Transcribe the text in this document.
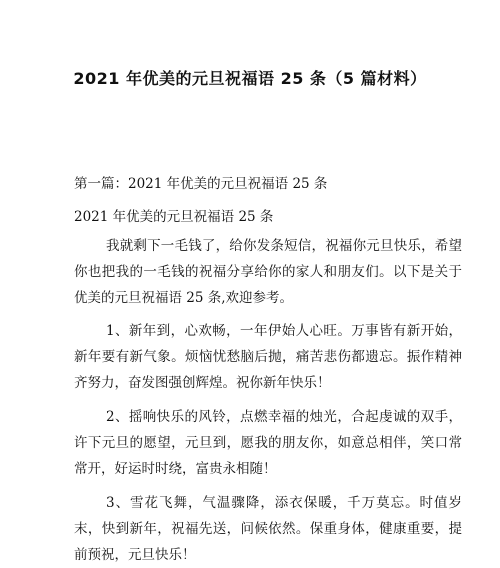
2021 年优美的元旦祝福语 25 条（5 篇材料）
第一篇：2021 年优美的元旦祝福语 25 条
2021 年优美的元旦祝福语 25 条
我就剩下一毛钱了，给你发条短信，祝福你元旦快乐，希望你也把我的一毛钱的祝福分享给你的家人和朋友们。以下是关于优美的元旦祝福语 25 条,欢迎参考。
1、新年到，心欢畅，一年伊始人心旺。万事皆有新开始，新年要有新气象。烦恼忧愁脑后抛，痛苦悲伤都遗忘。振作精神齐努力，奋发图强创辉煌。祝你新年快乐！
2、摇响快乐的风铃，点燃幸福的烛光，合起虔诚的双手，许下元旦的愿望，元旦到，愿我的朋友你，如意总相伴，笑口常常开，好运时时绕，富贵永相随！
3、雪花飞舞，气温骤降，添衣保暖，千万莫忘。时值岁末，快到新年，祝福先送，问候依然。保重身体，健康重要，提前预祝，元旦快乐！
